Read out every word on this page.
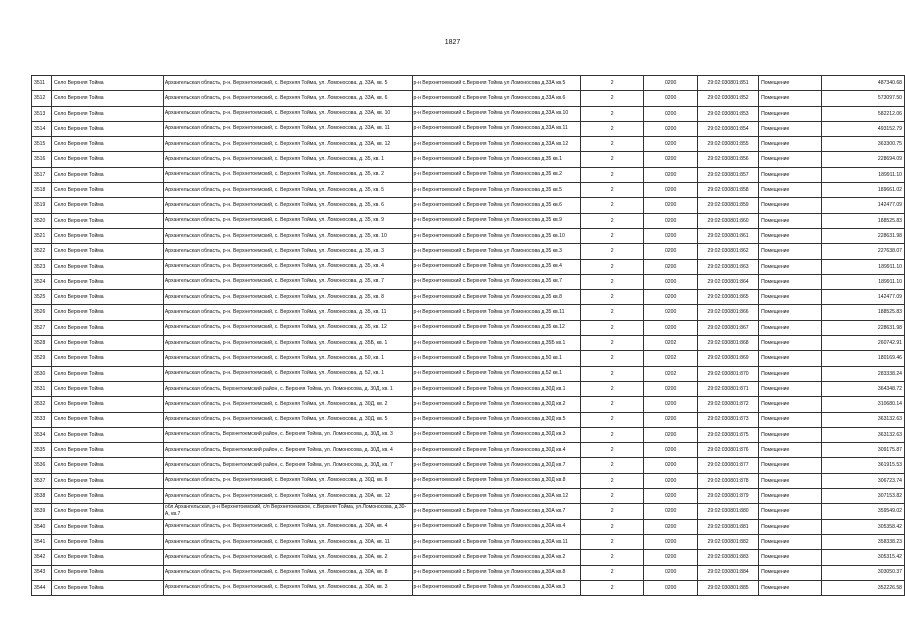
1827
3511	Село Верхняя Тойма	Архангельская область, р-н. Верхнетоемский, с. Верхняя Тойма, ул. Ломоносова, д. 33А, кв. 5	р-н Верхнетоемский с.Верхняя Тойма ул Ломоносова д.33А кв.5	2	0200	29:02:030801:851	Помещение	487340.68
3512	Село Верхняя Тойма	Архангельская область, р-н. Верхнетоемский, с. Верхняя Тойма, ул. Ломоносова, д. 33А, кв. 6	р-н Верхнетоемский с.Верхняя Тойма ул Ломоносова д.33А кв.6	2	0200	29:02:030801:852	Помещение	573097.50
3513	Село Верхняя Тойма	Архангельская область, р-н. Верхнетоемский, с. Верхняя Тойма, ул. Ломоносова, д. 33А, кв. 10	р-н Верхнетоемский с.Верхняя Тойма ул Ломоносова д.33А кв.10	2	0200	29:02:030801:853	Помещение	582212.06
3514	Село Верхняя Тойма	Архангельская область, р-н. Верхнетоемский, с. Верхняя Тойма, ул. Ломоносова, д. 33А, кв. 11	р-н Верхнетоемский с.Верхняя Тойма ул Ломоносова д.33А кв.11	2	0200	29:02:030801:854	Помещение	493152.79
3515	Село Верхняя Тойма	Архангельская область, р-н. Верхнетоемский, с. Верхняя Тойма, ул. Ломоносова, д. 33А, кв. 12	р-н Верхнетоемский с.Верхняя Тойма ул Ломоносова д.33А кв.12	2	0200	29:02:030801:855	Помещение	363300.75
3516	Село Верхняя Тойма	Архангельская область, р-н. Верхнетоемский, с. Верхняя Тойма, ул. Ломоносова, д. 35, кв. 1	р-н Верхнетоемский с.Верхняя Тойма ул Ломоносова д.35 кв.1	2	0200	29:02:030801:856	Помещение	228694.09
3517	Село Верхняя Тойма	Архангельская область, р-н. Верхнетоемский, с. Верхняя Тойма, ул. Ломоносова, д. 35, кв. 2	р-н Верхнетоемский с.Верхняя Тойма ул Ломоносова д.35 кв.2	2	0200	29:02:030801:857	Помещение	189911.10
3518	Село Верхняя Тойма	Архангельская область, р-н. Верхнетоемский, с. Верхняя Тойма, ул. Ломоносова, д. 35, кв. 5	р-н Верхнетоемский с.Верхняя Тойма ул Ломоносова д.35 кв.5	2	0200	29:02:030801:858	Помещение	189661.02
3519	Село Верхняя Тойма	Архангельская область, р-н. Верхнетоемский, с. Верхняя Тойма, ул. Ломоносова, д. 35, кв. 6	р-н Верхнетоемский с.Верхняя Тойма ул Ломоносова д.35 кв.6	2	0200	29:02:030801:859	Помещение	142477.09
3520	Село Верхняя Тойма	Архангельская область, р-н. Верхнетоемский, с. Верхняя Тойма, ул. Ломоносова, д. 35, кв. 9	р-н Верхнетоемский с.Верхняя Тойма ул Ломоносова д.35 кв.9	2	0200	29:02:030801:860	Помещение	188525.83
3521	Село Верхняя Тойма	Архангельская область, р-н. Верхнетоемский, с. Верхняя Тойма, ул. Ломоносова, д. 35, кв. 10	р-н Верхнетоемский с.Верхняя Тойма ул Ломоносова д.35 кв.10	2	0200	29:02:030801:861	Помещение	228631.98
3522	Село Верхняя Тойма	Архангельская область, р-н. Верхнетоемский, с. Верхняя Тойма, ул. Ломоносова, д. 35, кв. 3	р-н Верхнетоемский с.Верхняя Тойма ул Ломоносова д.35 кв.3	2	0200	29:02:030801:862	Помещение	227638.07
3523	Село Верхняя Тойма	Архангельская область, р-н. Верхнетоемский, с. Верхняя Тойма, ул. Ломоносова, д. 35, кв. 4	р-н Верхнетоемский с.Верхняя Тойма ул Ломоносова д.35 кв.4	2	0200	29:02:030801:863	Помещение	189911.10
3524	Село Верхняя Тойма	Архангельская область, р-н. Верхнетоемский, с. Верхняя Тойма, ул. Ломоносова, д. 35, кв. 7	р-н Верхнетоемский с.Верхняя Тойма ул Ломоносова д.35 кв.7	2	0200	29:02:030801:864	Помещение	189911.10
3525	Село Верхняя Тойма	Архангельская область, р-н. Верхнетоемский, с. Верхняя Тойма, ул. Ломоносова, д. 35, кв. 8	р-н Верхнетоемский с.Верхняя Тойма ул Ломоносова д.35 кв.8	2	0200	29:02:030801:865	Помещение	142477.09
3526	Село Верхняя Тойма	Архангельская область, р-н. Верхнетоемский, с. Верхняя Тойма, ул. Ломоносова, д. 35, кв. 11	р-н Верхнетоемский с.Верхняя Тойма ул Ломоносова д.35 кв.11	2	0200	29:02:030801:866	Помещение	188525.83
3527	Село Верхняя Тойма	Архангельская область, р-н. Верхнетоемский, с. Верхняя Тойма, ул. Ломоносова, д. 35, кв. 12	р-н Верхнетоемский с.Верхняя Тойма ул Ломоносова д.35 кв.12	2	0200	29:02:030801:867	Помещение	228631.98
3528	Село Верхняя Тойма	Архангельская область, р-н. Верхнетоемский, с. Верхняя Тойма, ул. Ломоносова, д. 35Б, кв. 1	р-н Верхнетоемский с.Верхняя Тойма ул Ломоносова д.35Б кв.1	2	0202	29:02:030801:868	Помещение	260742.91
3529	Село Верхняя Тойма	Архангельская область, р-н. Верхнетоемский, с. Верхняя Тойма, ул. Ломоносова, д. 50, кв. 1	р-н Верхнетоемский с.Верхняя Тойма ул Ломоносова д.50 кв.1	2	0202	29:02:030801:869	Помещение	180169.46
3530	Село Верхняя Тойма	Архангельская область, р-н. Верхнетоемский, с. Верхняя Тойма, ул. Ломоносова, д. 52, кв. 1	р-н Верхнетоемский с.Верхняя Тойма ул Ломоносова д.52 кв.1	2	0202	29:02:030801:870	Помещение	283338.24
3531	Село Верхняя Тойма	Архангельская область, Верхнетоемский район, с. Верхняя Тойма, ул. Ломоносова, д. 30Д, кв. 1	р-н Верхнетоемский с.Верхняя Тойма ул Ломоносова д.30Д кв.1	2	0200	29:02:030801:871	Помещение	364348.72
3532	Село Верхняя Тойма	Архангельская область, р-н. Верхнетоемский, с. Верхняя Тойма, ул. Ломоносова, д. 30Д, кв. 2	р-н Верхнетоемский с.Верхняя Тойма ул Ломоносова д.30Д кв.2	2	0200	29:02:030801:872	Помещение	310680.14
3533	Село Верхняя Тойма	Архангельская область, р-н. Верхнетоемский, с. Верхняя Тойма, ул. Ломоносова, д. 30Д, кв. 5	р-н Верхнетоемский с.Верхняя Тойма ул Ломоносова д.30Д кв.5	2	0200	29:02:030801:873	Помещение	363132.63
3534	Село Верхняя Тойма	Архангельская область, Верхнетоемский район, с. Верхняя Тойма, ул. Ломоносова, д. 30Д, кв. 3	р-н Верхнетоемский с.Верхняя Тойма ул Ломоносова д.30Д кв.3	2	0200	29:02:030801:875	Помещение	363132.63
3535	Село Верхняя Тойма	Архангельская область, Верхнетоемский район, с. Верхняя Тойма, ул. Ломоносова, д. 30Д, кв. 4	р-н Верхнетоемский с.Верхняя Тойма ул Ломоносова д.30Д кв.4	2	0200	29:02:030801:876	Помещение	309175.87
3536	Село Верхняя Тойма	Архангельская область, Верхнетоемский район, с. Верхняя Тойма, ул. Ломоносова, д. 30Д, кв. 7	р-н Верхнетоемский с.Верхняя Тойма ул Ломоносова д.30Д кв.7	2	0200	29:02:030801:877	Помещение	361915.53
3537	Село Верхняя Тойма	Архангельская область, р-н. Верхнетоемский, с. Верхняя Тойма, ул. Ломоносова, д. 30Д, кв. 8	р-н Верхнетоемский с.Верхняя Тойма ул Ломоносова д.30Д кв.8	2	0200	29:02:030801:878	Помещение	306723.74
3538	Село Верхняя Тойма	Архангельская область, р-н. Верхнетоемский, с. Верхняя Тойма, ул. Ломоносова, д. 30А, кв. 12	р-н Верхнетоемский с.Верхняя Тойма ул Ломоносова д.30А кв.12	2	0200	29:02:030801:879	Помещение	307153.82
3539	Село Верхняя Тойма	обл.Архангельская, р-н Верхнетоемский, с/п Верхнетоемское, с.Верхняя Тойма, ул.Ломоносова, д.30-А, кв.7	р-н Верхнетоемский с.Верхняя Тойма ул Ломоносова д.30А кв.7	2	0200	29:02:030801:880	Помещение	359549.02
3540	Село Верхняя Тойма	Архангельская область, р-н. Верхнетоемский, с. Верхняя Тойма, ул. Ломоносова, д. 30А, кв. 4	р-н Верхнетоемский с.Верхняя Тойма ул Ломоносова д.30А кв.4	2	0200	29:02:030801:881	Помещение	305358.42
3541	Село Верхняя Тойма	Архангельская область, р-н. Верхнетоемский, с. Верхняя Тойма, ул. Ломоносова, д. 30А, кв. 11	р-н Верхнетоемский с.Верхняя Тойма ул Ломоносова д.30А кв.11	2	0200	29:02:030801:882	Помещение	358338.23
3542	Село Верхняя Тойма	Архангельская область, р-н. Верхнетоемский, с. Верхняя Тойма, ул. Ломоносова, д. 30А, кв. 2	р-н Верхнетоемский с.Верхняя Тойма ул Ломоносова д.30А кв.2	2	0200	29:02:030801:883	Помещение	305315.42
3543	Село Верхняя Тойма	Архангельская область, р-н. Верхнетоемский, с. Верхняя Тойма, ул. Ломоносова, д. 30А, кв. 8	р-н Верхнетоемский с.Верхняя Тойма ул Ломоносова д.30А кв.8	2	0200	29:02:030801:884	Помещение	303050.37
3544	Село Верхняя Тойма	Архангельская область, р-н. Верхнетоемский, с. Верхняя Тойма, ул. Ломоносова, д. 30А, кв. 3	р-н Верхнетоемский с.Верхняя Тойма ул Ломоносова д.30А кв.3	2	0200	29:02:030801:885	Помещение	352226.58
